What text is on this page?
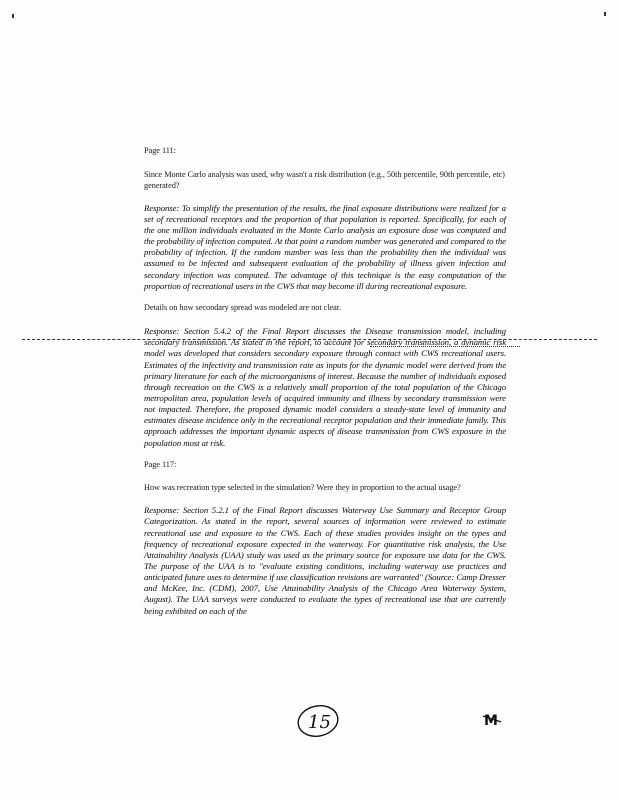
Page 111:

Since Monte Carlo analysis was used, why wasn't a risk distribution (e.g., 50th percentile, 90th percentile, etc) generated?

Response: To simplify the presentation of the results, the final exposure distributions were realized for a set of recreational receptors and the proportion of that population is reported. Specifically, for each of the one million individuals evaluated in the Monte Carlo analysis an exposure dose was computed and the probability of infection computed. At that point a random number was generated and compared to the probability of infection. If the random number was less than the probability then the individual was assumed to be infected and subsequent evaluation of the probability of illness given infection and secondary infection was computed. The advantage of this technique is the easy computation of the proportion of recreational users in the CWS that may become ill during recreational exposure.

Details on how secondary spread was modeled are not clear.

Response: Section 5.4.2 of the Final Report discusses the Disease transmission model, including secondary transmission. As stated in the report, to account for secondary transmission, a dynamic risk model was developed that considers secondary exposure through contact with CWS recreational users. Estimates of the infectivity and transmission rate as inputs for the dynamic model were derived from the primary literature for each of the microorganisms of interest. Because the number of individuals exposed through recreation on the CWS is a relatively small proportion of the total population of the Chicago metropolitan area, population levels of acquired immunity and illness by secondary transmission were not impacted. Therefore, the proposed dynamic model considers a steady-state level of immunity and estimates disease incidence only in the recreational receptor population and their immediate family. This approach addresses the important dynamic aspects of disease transmission from CWS exposure in the population most at risk.

Page 117:

How was recreation type selected in the simulation? Were they in proportion to the actual usage?

Response: Section 5.2.1 of the Final Report discusses Waterway Use Summary and Receptor Group Categorization. As stated in the report, several sources of information were reviewed to estimate recreational use and exposure to the CWS. Each of these studies provides insight on the types and frequency of recreational exposure expected in the waterway. For quantitative risk analysis, the Use Attainability Analysis (UAA) study was used as the primary source for exposure use data for the CWS. The purpose of the UAA is to "evaluate existing conditions, including waterway use practices and anticipated future uses to determine if use classification revisions are warranted" (Source: Camp Dresser and McKee, Inc. (CDM), 2007, Use Attainability Analysis of the Chicago Area Waterway System, August). The UAA surveys were conducted to evaluate the types of recreational use that are currently being exhibited on each of the

15	M
